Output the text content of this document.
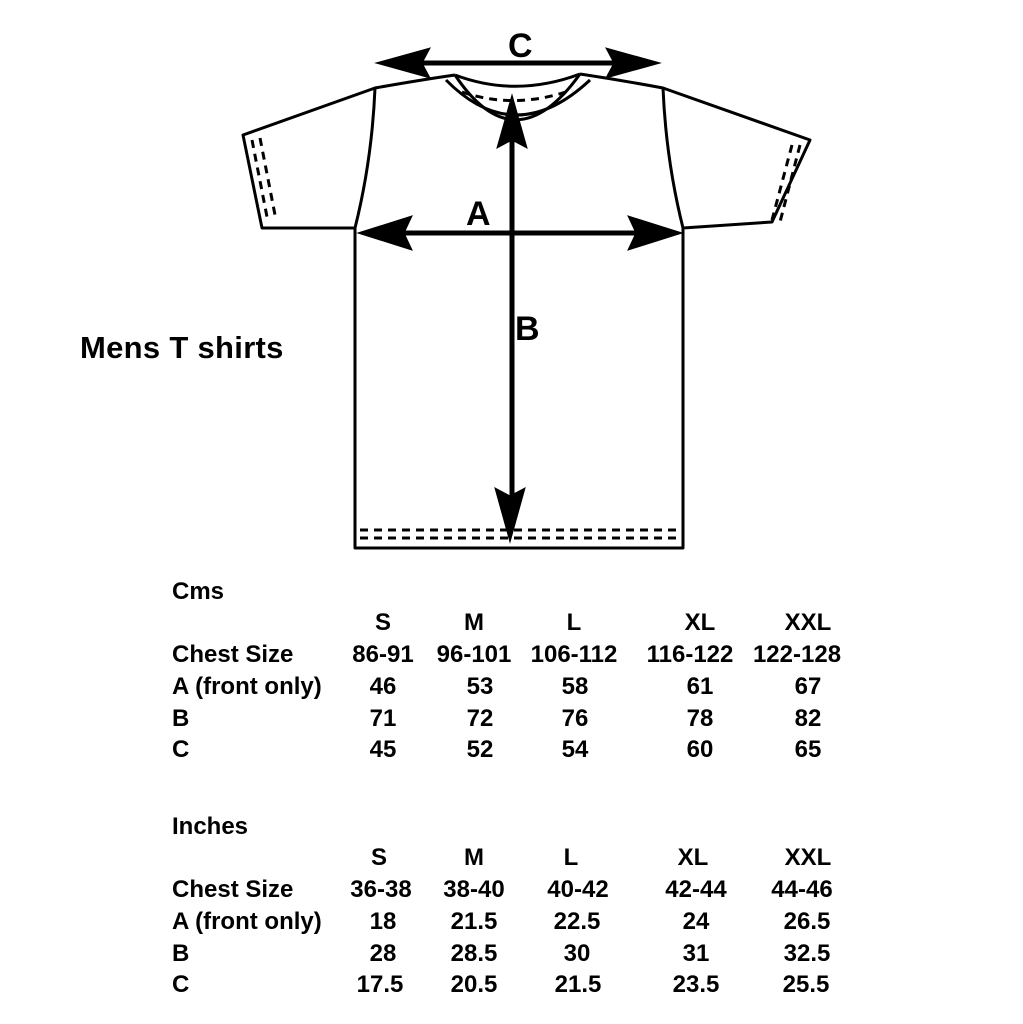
C
A
B
Mens T shirts
Cms
S	M	L	XL	XXL
Chest Size 86-91 96-101 106-112 116-122 122-128
A (front only) 46	53	58	61	67
B	71	72	76	78	82
C	45	52	54	60	65
Inches
S	M	L	XL	XXL
Chest Size 36-38 38-40 40-42 42-44 44-46
A (front only) 18 21.5 22.5	24	26.5
B	28 28.5	30	31	32.5
C	17.5 20.5 21.5	23.5	25.5
